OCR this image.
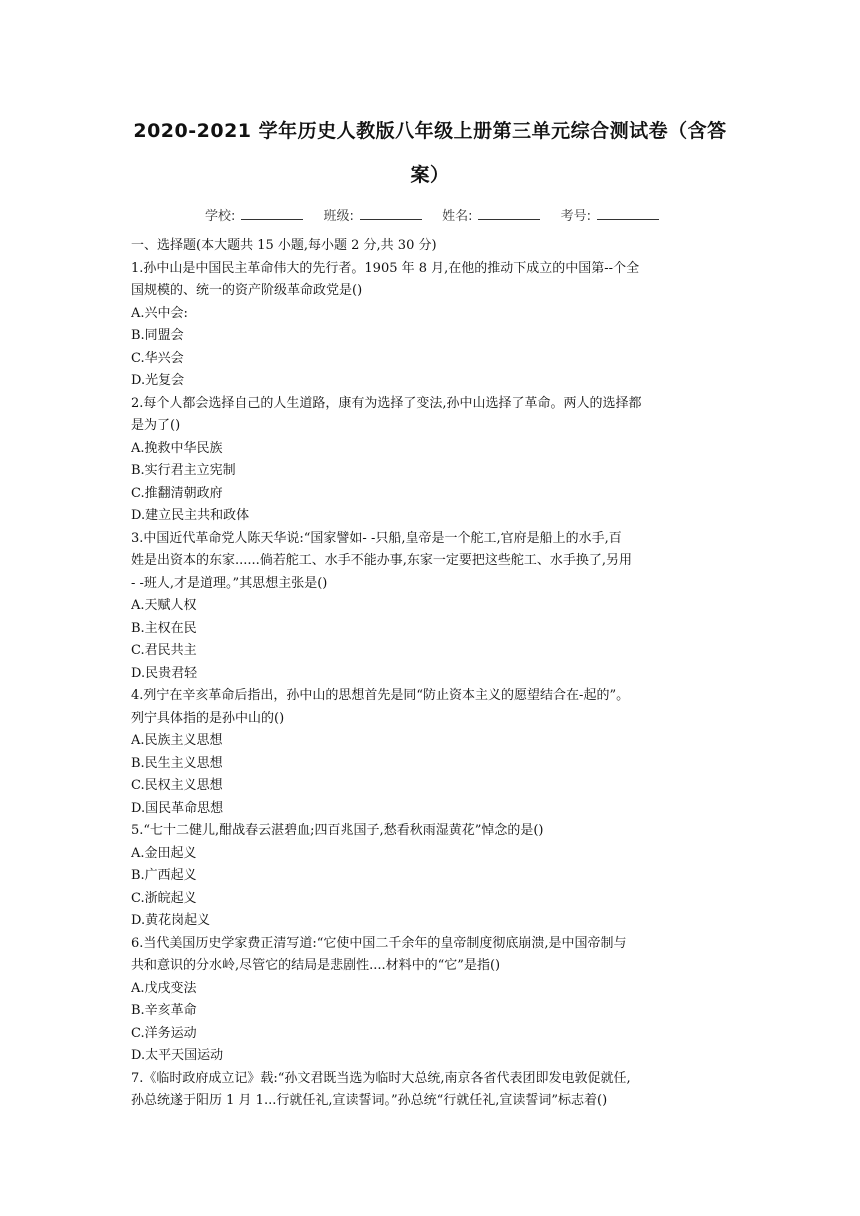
2020-2021 学年历史人教版八年级上册第三单元综合测试卷（含答
案）
学校:	班级:	姓名:	考号:
一、选择题(本大题共 15 小题,每小题 2 分,共 30 分)
1.孙中山是中国民主革命伟大的先行者。1905 年 8 月,在他的推动下成立的中国第--个全
国规模的、统一的资产阶级革命政党是()
A.兴中会:
B.同盟会
C.华兴会
D.光复会
2.每个人都会选择自己的人生道路，康有为选择了变法,孙中山选择了革命。两人的选择都
是为了()
A.挽救中华民族
B.实行君主立宪制
C.推翻清朝政府
D.建立民主共和政体
3.中国近代革命党人陈天华说:“国家譬如- -只船,皇帝是一个舵工,官府是船上的水手,百
姓是出资本的东家......倘若舵工、水手不能办事,东家一定要把这些舵工、水手换了,另用
- -班人,才是道理。”其思想主张是()
A.天赋人权
B.主权在民
C.君民共主
D.民贵君轻
4.列宁在辛亥革命后指出，孙中山的思想首先是同“防止资本主义的愿望结合在-起的”。
列宁具体指的是孙中山的()
A.民族主义思想
B.民生主义思想
C.民权主义思想
D.国民革命思想
5.“七十二健儿,酣战春云湛碧血;四百兆国子,愁看秋雨湿黄花”悼念的是()
A.金田起义
B.广西起义
C.浙皖起义
D.黄花岗起义
6.当代美国历史学家费正清写道:“它使中国二千余年的皇帝制度彻底崩溃,是中国帝制与
共和意识的分水岭,尽管它的结局是悲剧性....材料中的“它”是指()
A.戊戌变法
B.辛亥革命
C.洋务运动
D.太平天国运动
7.《临时政府成立记》载:“孙文君既当选为临时大总统,南京各省代表团即发电敦促就任,
孙总统遂于阳历 1 月 1...行就任礼,宣读誓词。”孙总统“行就任礼,宣读誓词”标志着()
